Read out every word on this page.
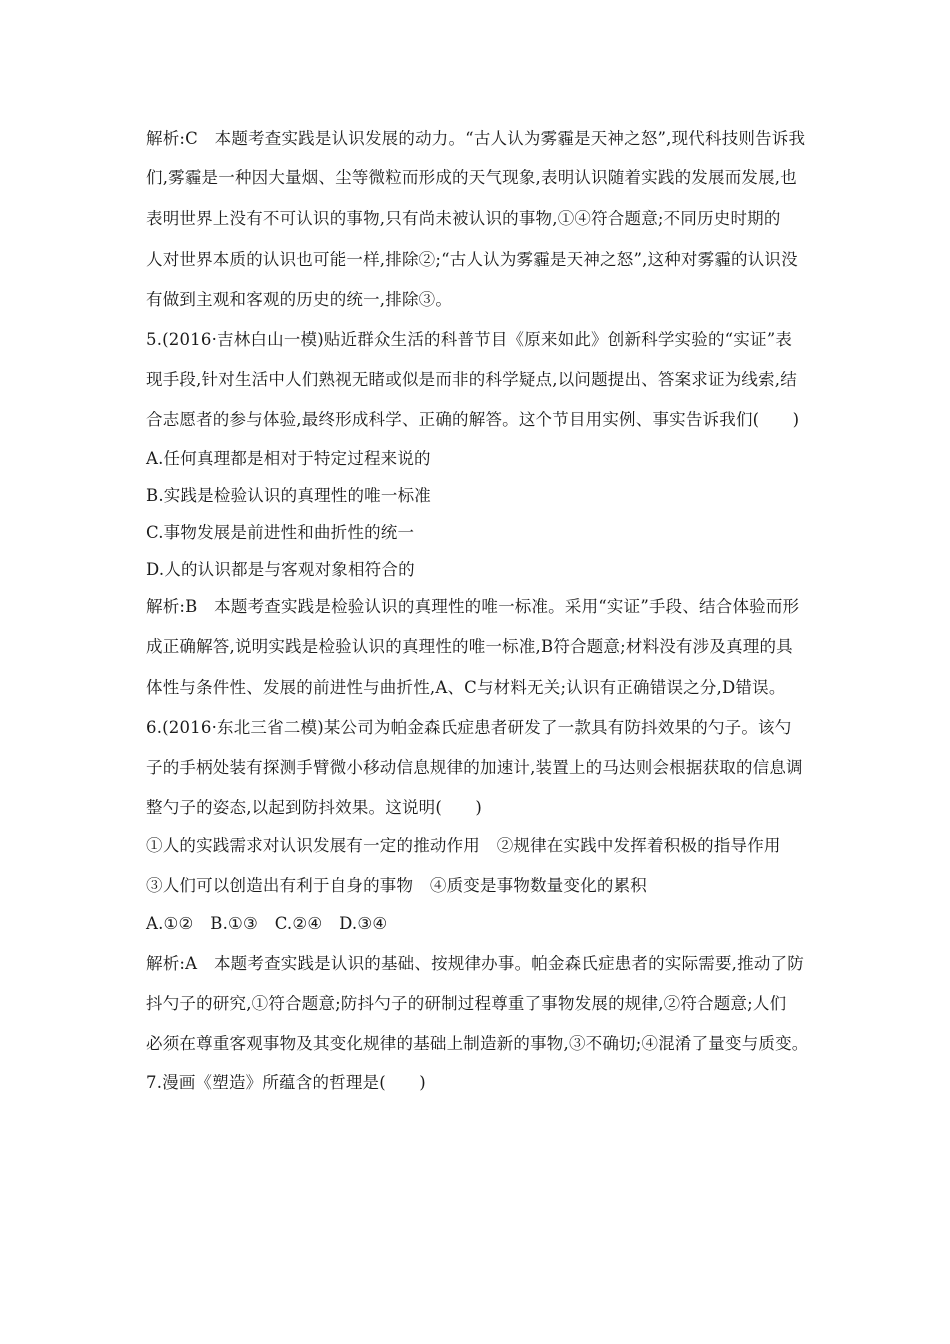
解析:C　本题考查实践是认识发展的动力。“古人认为雾霾是天神之怒”,现代科技则告诉我
们,雾霾是一种因大量烟、尘等微粒而形成的天气现象,表明认识随着实践的发展而发展,也
表明世界上没有不可认识的事物,只有尚未被认识的事物,①④符合题意;不同历史时期的
人对世界本质的认识也可能一样,排除②;“古人认为雾霾是天神之怒”,这种对雾霾的认识没
有做到主观和客观的历史的统一,排除③。
5.(2016·吉林白山一模)贴近群众生活的科普节目《原来如此》创新科学实验的“实证”表
现手段,针对生活中人们熟视无睹或似是而非的科学疑点,以问题提出、答案求证为线索,结
合志愿者的参与体验,最终形成科学、正确的解答。这个节目用实例、事实告诉我们(　　)
A.任何真理都是相对于特定过程来说的
B.实践是检验认识的真理性的唯一标准
C.事物发展是前进性和曲折性的统一
D.人的认识都是与客观对象相符合的
解析:B　本题考查实践是检验认识的真理性的唯一标准。采用“实证”手段、结合体验而形
成正确解答,说明实践是检验认识的真理性的唯一标准,B符合题意;材料没有涉及真理的具
体性与条件性、发展的前进性与曲折性,A、C与材料无关;认识有正确错误之分,D错误。
6.(2016·东北三省二模)某公司为帕金森氏症患者研发了一款具有防抖效果的勺子。该勺
子的手柄处装有探测手臂微小移动信息规律的加速计,装置上的马达则会根据获取的信息调
整勺子的姿态,以起到防抖效果。这说明(　　)
①人的实践需求对认识发展有一定的推动作用　②规律在实践中发挥着积极的指导作用
③人们可以创造出有利于自身的事物　④质变是事物数量变化的累积
A.①②　B.①③　C.②④　D.③④
解析:A　本题考查实践是认识的基础、按规律办事。帕金森氏症患者的实际需要,推动了防
抖勺子的研究,①符合题意;防抖勺子的研制过程尊重了事物发展的规律,②符合题意;人们
必须在尊重客观事物及其变化规律的基础上制造新的事物,③不确切;④混淆了量变与质变。
7.漫画《塑造》所蕴含的哲理是(　　)
